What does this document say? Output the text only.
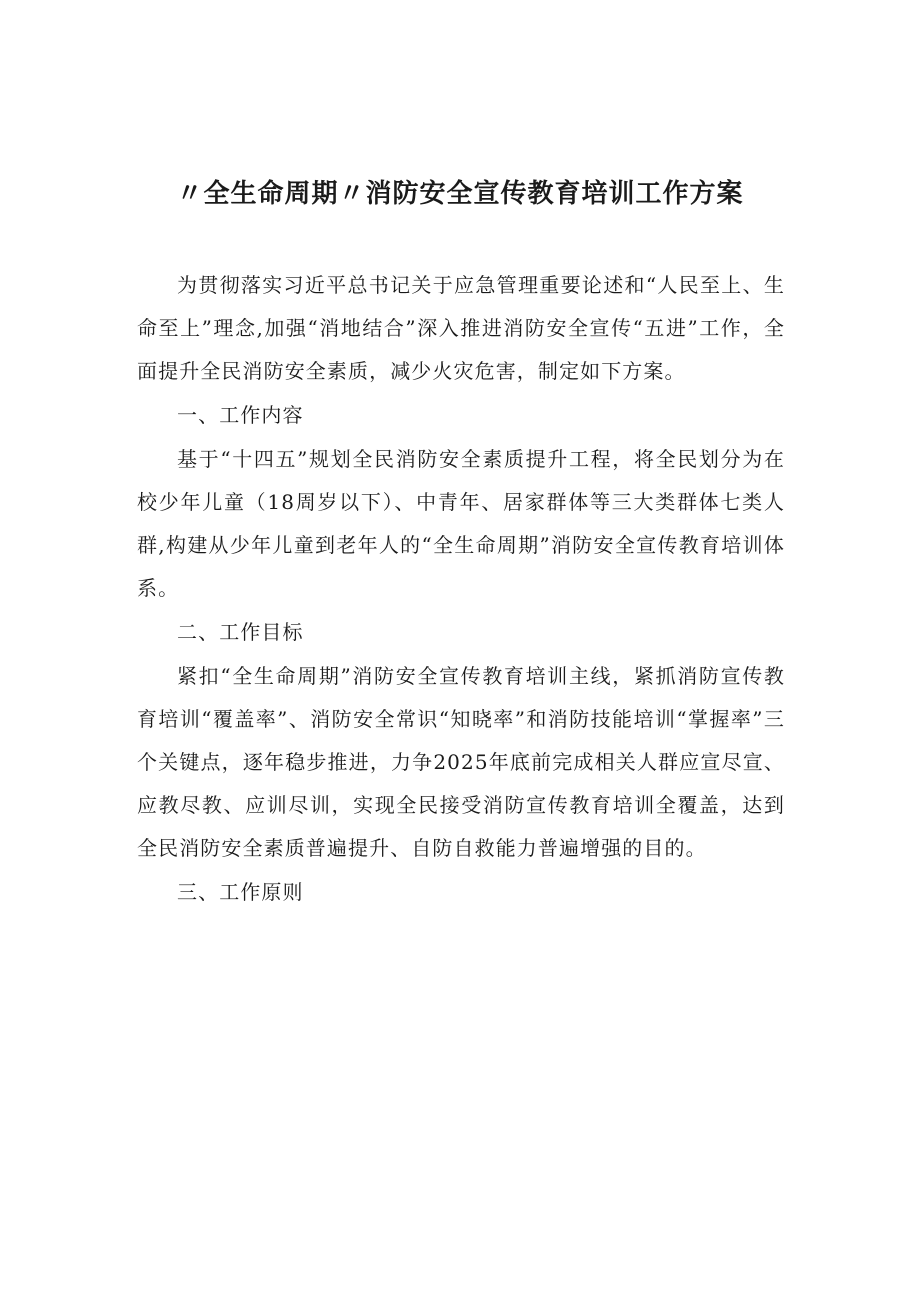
〃全生命周期〃消防安全宣传教育培训工作方案

为贯彻落实习近平总书记关于应急管理重要论述和“人民至上、生命至上”理念,加强“消地结合”深入推进消防安全宣传“五进”工作，全面提升全民消防安全素质，减少火灾危害，制定如下方案。

一、工作内容

基于“十四五”规划全民消防安全素质提升工程，将全民划分为在校少年儿童（18周岁以下）、中青年、居家群体等三大类群体七类人群,构建从少年儿童到老年人的“全生命周期”消防安全宣传教育培训体系。

二、工作目标

紧扣“全生命周期”消防安全宣传教育培训主线，紧抓消防宣传教育培训“覆盖率”、消防安全常识“知晓率”和消防技能培训“掌握率”三个关键点，逐年稳步推进，力争2025年底前完成相关人群应宣尽宣、应教尽教、应训尽训，实现全民接受消防宣传教育培训全覆盖，达到全民消防安全素质普遍提升、自防自救能力普遍增强的目的。

三、工作原则
